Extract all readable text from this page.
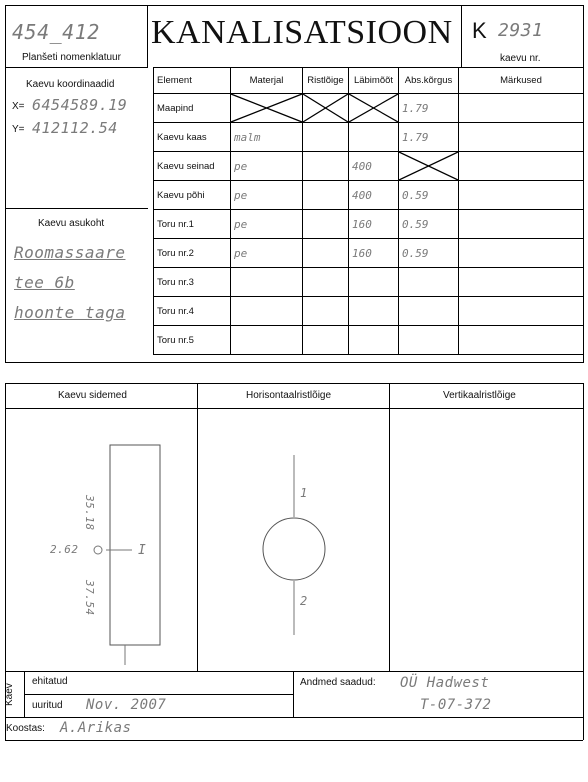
454_412
Planšeti nomenklatuur
KANALISATSIOON K 2931
kaevu nr.
Kaevu koordinaadid
X= 6454589.19
Y= 412112.54
Kaevu asukoht
Roomassaare
tee 6b
hoonte taga
Element	Materjal	Ristlõige	Läbimõõt	Abs.kõrgus	Märkused
Maapind				1.79	
Kaevu kaas	malm			1.79	
Kaevu seinad	pe		400	

Kaevu põhi	pe		400	0.59	
Toru nr.1	pe		160	0.59	
Toru nr.2	pe		160	0.59	
Toru nr.3					
Toru nr.4					
Toru nr.5					
Kaevu sidemed	Horisontaalristlõige	Vertikaalristlõige
35.18
2.62	I
37.54
1
2
Kaev
ehitatud
uuritud Nov. 2007
Andmed saadud: OÜ Hadwest
T-07-372
Koostas: A.Arikas
